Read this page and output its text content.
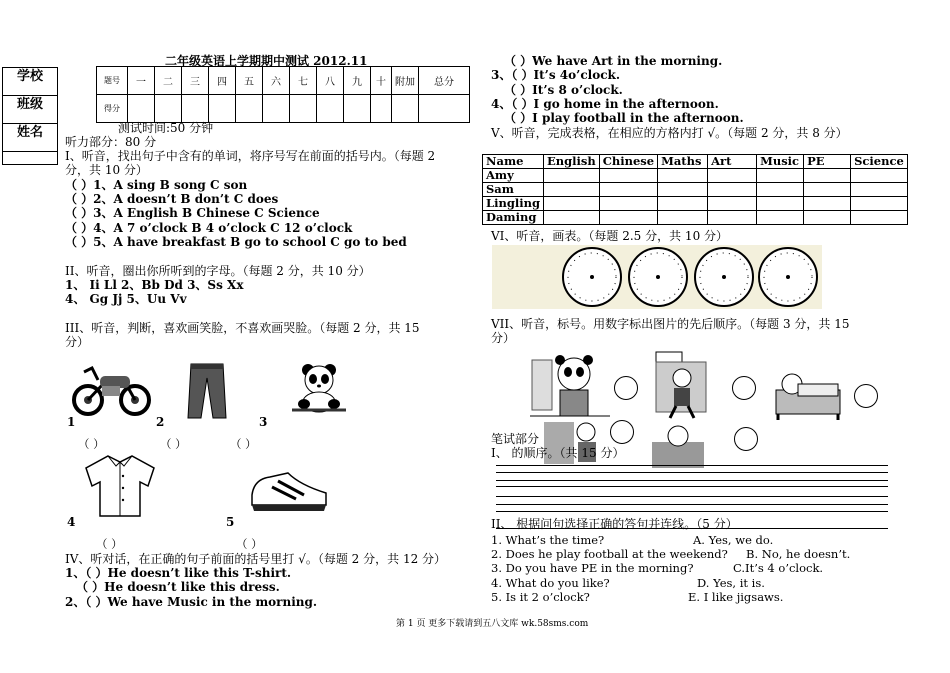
学校
班级
姓名
二年级英语上学期期中测试 2012.11
题号	一	二	三	四	五	六	七	八	九	十	附加	总分
得分												
测试时间:50 分钟
听力部分：80 分
I、听音，找出句子中含有的单词，将序号写在前面的括号内。（每题 2
分，共 10 分）
（ ）1、A sing B song C son
（ ）2、A doesn’t B don’t C does
（ ）3、A English B Chinese C Science
（ ）4、A 7 o’clock B 4 o’clock C 12 o’clock
（ ）5、A have breakfast B go to school C go to bed
II、听音，圈出你所听到的字母。（每题 2 分，共 10 分）
1、 Ii Ll 2、Bb Dd 3、Ss Xx
4、 Gg Jj 5、Uu Vv
III、听音，判断，喜欢画笑脸，不喜欢画哭脸。（每题 2 分，共 15
分）
1	2	3
（ ）	（ ）	（ ）
4	5
（ ）	（ ）
IV、听对话，在正确的句子前面的括号里打 √。（每题 2 分，共 12 分）
1、（ ）He doesn’t like this T-shirt.
（ ）He doesn’t like this dress.
2、（ ）We have Music in the morning.
（ ）We have Art in the morning.
3、（ ）It’s 4o’clock.
（ ）It’s 8 o’clock.
4、（ ）I go home in the afternoon.
（ ）I play football in the afternoon.
V、听音，完成表格，在相应的方格内打 √。（每题 2 分，共 8 分）
Name	English	Chinese	Maths	Art	Music	PE	Science
Amy							
Sam							
Lingling							
Daming							
VI、听音，画表。（每题 2.5 分，共 10 分）
VII、听音，标号。用数字标出图片的先后顺序。（每题 3 分，共 15
分）
笔试部分
I、 的顺序。（共 15 分）
II、 根据问句选择正确的答句并连线。（5 分）
1. What’s the time?
2. Does he play football at the weekend?
3. Do you have PE in the morning?
4. What do you like?
5. Is it 2 o’clock?
A. Yes, we do.
B. No, he doesn’t.
C.It’s 4 o’clock.
D. Yes, it is.
E. I like jigsaws.
第 1 页 更多下载请到五八文库 wk.58sms.com
